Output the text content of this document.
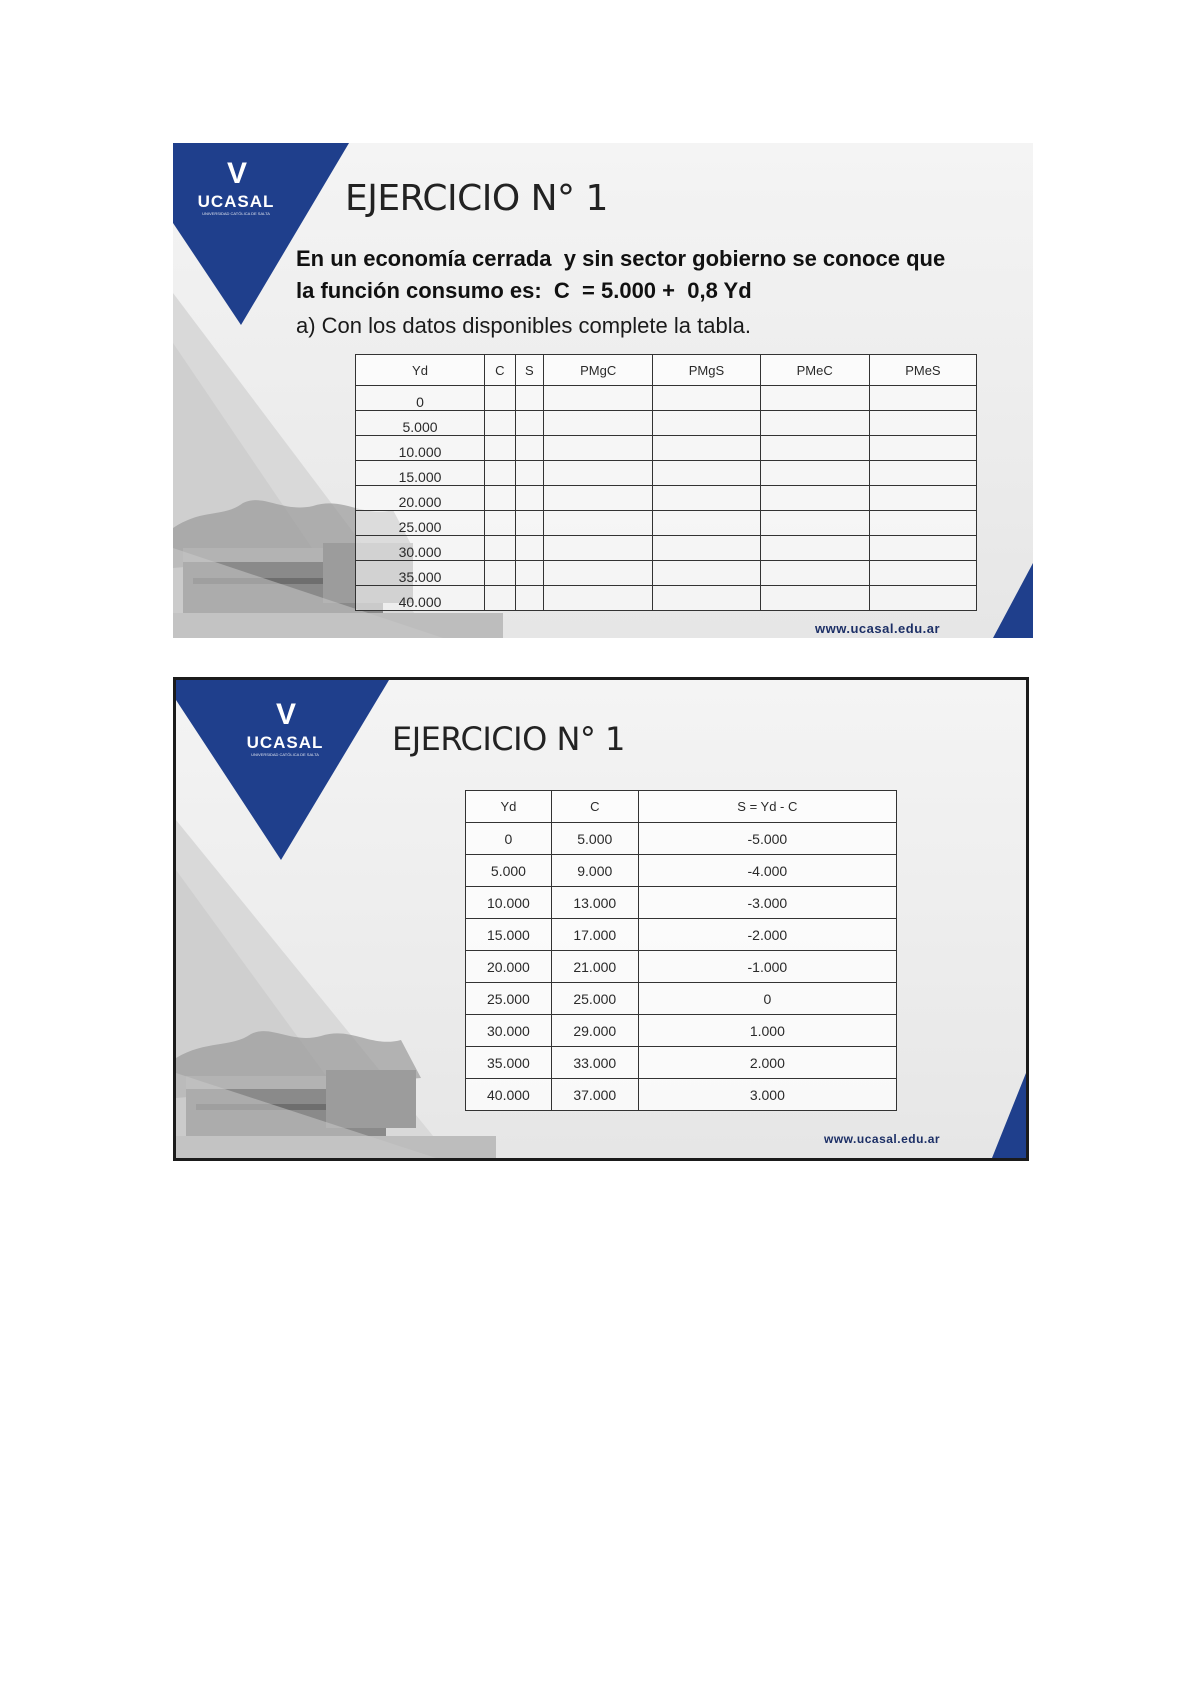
V
UCASAL
UNIVERSIDAD CATÓLICA DE SALTA	EJERCICIO N° 1
En un economía cerrada  y sin sector gobierno se conoce que
la función consumo es:  C  = 5.000 +  0,8 Yd
a) Con los datos disponibles complete la tabla.
Yd	C	S	PMgC	PMgS	PMeC	PMeS
0						
5.000						
10.000						
15.000						
20.000						
25.000						
30.000						
35.000						
40.000						
www.ucasal.edu.ar
V
UCASAL
UNIVERSIDAD CATÓLICA DE SALTA	EJERCICIO N° 1
Yd	C	S = Yd - C
0	5.000	-5.000
5.000	9.000	-4.000
10.000	13.000	-3.000
15.000	17.000	-2.000
20.000	21.000	-1.000
25.000	25.000	0
30.000	29.000	1.000
35.000	33.000	2.000
40.000	37.000	3.000
www.ucasal.edu.ar
